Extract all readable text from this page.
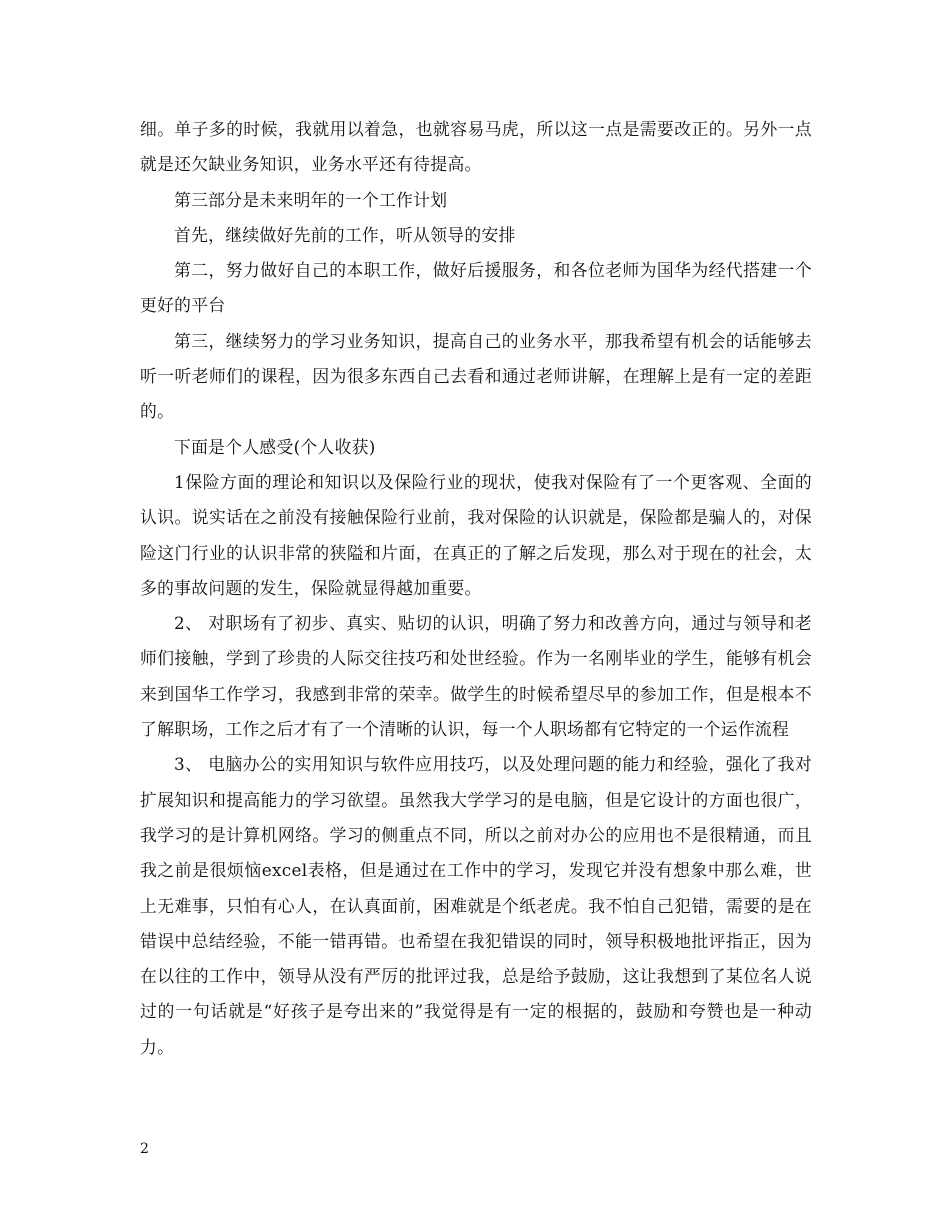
细。单子多的时候，我就用以着急，也就容易马虎，所以这一点是需要改正的。另外一点就是还欠缺业务知识，业务水平还有待提高。

第三部分是未来明年的一个工作计划

首先，继续做好先前的工作，听从领导的安排

第二，努力做好自己的本职工作，做好后援服务，和各位老师为国华为经代搭建一个更好的平台

第三，继续努力的学习业务知识，提高自己的业务水平，那我希望有机会的话能够去听一听老师们的课程，因为很多东西自己去看和通过老师讲解，在理解上是有一定的差距的。

下面是个人感受(个人收获)

1保险方面的理论和知识以及保险行业的现状，使我对保险有了一个更客观、全面的认识。说实话在之前没有接触保险行业前，我对保险的认识就是，保险都是骗人的，对保险这门行业的认识非常的狭隘和片面，在真正的了解之后发现，那么对于现在的社会，太多的事故问题的发生，保险就显得越加重要。

2、 对职场有了初步、真实、贴切的认识，明确了努力和改善方向，通过与领导和老师们接触，学到了珍贵的人际交往技巧和处世经验。作为一名刚毕业的学生，能够有机会来到国华工作学习，我感到非常的荣幸。做学生的时候希望尽早的参加工作，但是根本不了解职场，工作之后才有了一个清晰的认识，每一个人职场都有它特定的一个运作流程

3、 电脑办公的实用知识与软件应用技巧，以及处理问题的能力和经验，强化了我对扩展知识和提高能力的学习欲望。虽然我大学学习的是电脑，但是它设计的方面也很广，我学习的是计算机网络。学习的侧重点不同，所以之前对办公的应用也不是很精通，而且我之前是很烦恼excel表格，但是通过在工作中的学习，发现它并没有想象中那么难，世上无难事，只怕有心人，在认真面前，困难就是个纸老虎。我不怕自己犯错，需要的是在错误中总结经验，不能一错再错。也希望在我犯错误的同时，领导积极地批评指正，因为在以往的工作中，领导从没有严厉的批评过我，总是给予鼓励，这让我想到了某位名人说过的一句话就是“好孩子是夸出来的”我觉得是有一定的根据的，鼓励和夸赞也是一种动力。

2
